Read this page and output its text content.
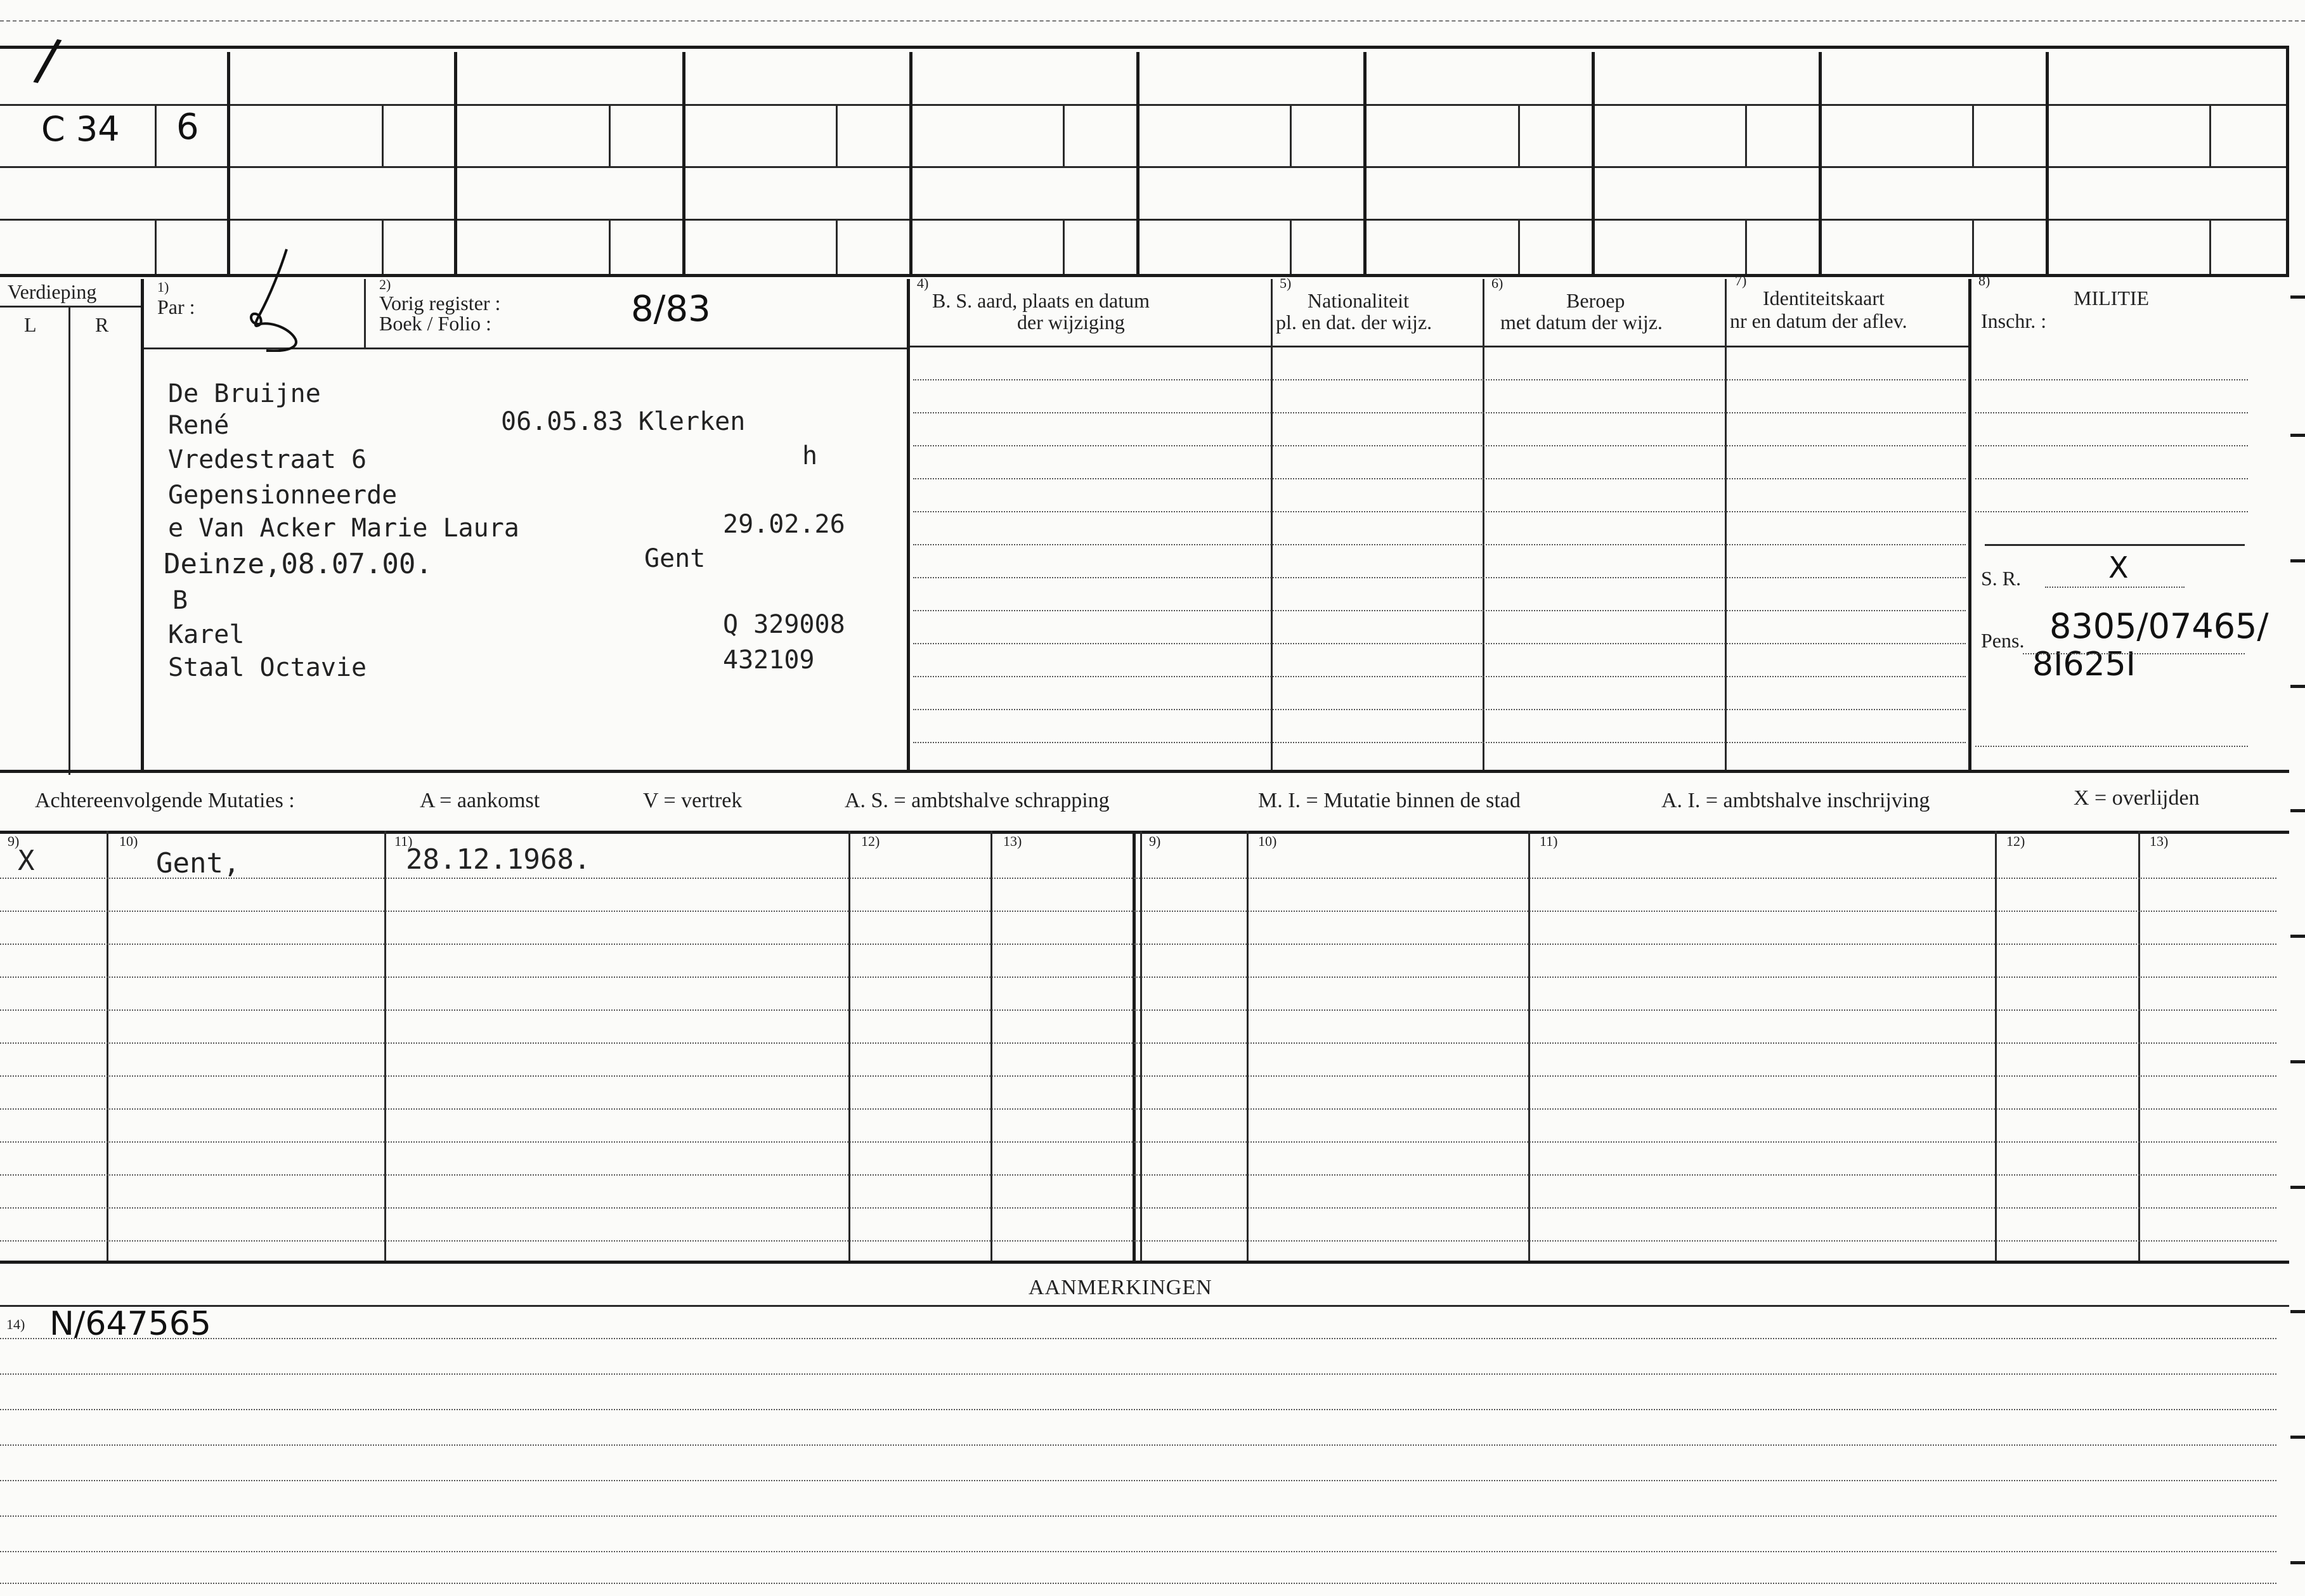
/
C 34 6
Verdieping
L	R
1)
Par :
2)
Vorig register :
Boek / Folio :	8/83
4)
B. S. aard, plaats en datum
der wijziging
5)
Nationaliteit
pl. en dat. der wijz.
6)
Beroep
met datum der wijz.
7)
Identiteitskaart
nr en datum der aflev.
8)
MILITIE
Inschr. :
De Bruijne
René	06.05.83 Klerken
Vredestraat 6	h
Gepensionneerde
e Van Acker Marie Laura	29.02.26
Deinze,08.07.00.	Gent
B
Karel	Q 329008
Staal Octavie	432109
S. R.	X
Pens. 8305/07465/
8I625I
Achtereenvolgende Mutaties :	A = aankomst	V = vertrek	A. S. = ambtshalve schrapping	M. I. = Mutatie binnen de stad	A. I. = ambtshalve inschrijving	X = overlijden
9)	10)	11)	12)	13)	9)	10)	11)	12)	13)
X	Gent,	28.12.1968.
AANMERKINGEN
14) N/647565
